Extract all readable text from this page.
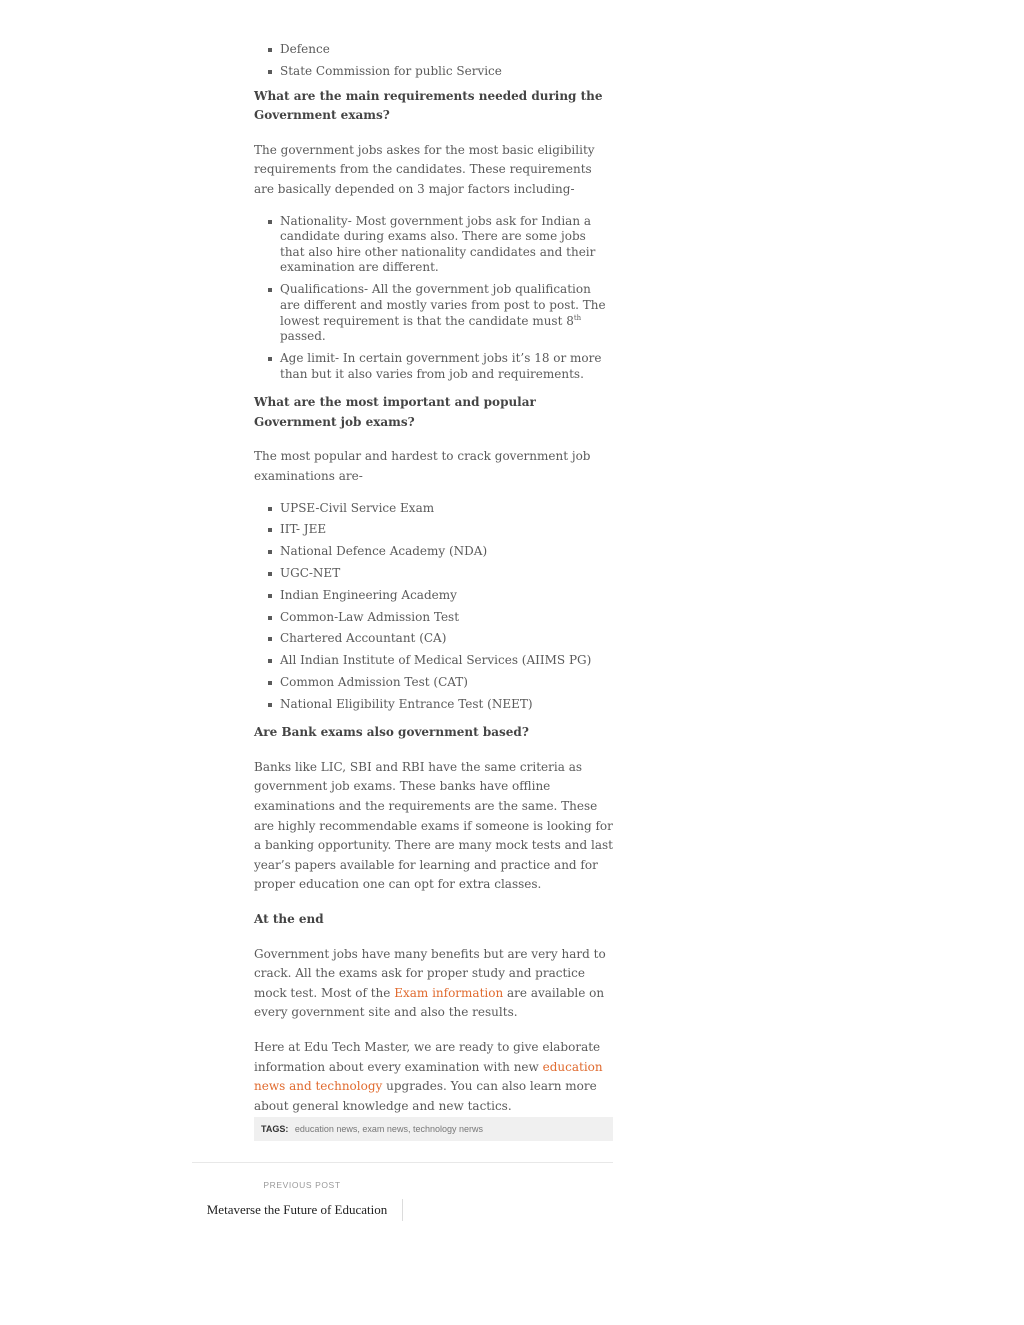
Defence
State Commission for public Service
What are the main requirements needed during the Government exams?

The government jobs askes for the most basic eligibility requirements from the candidates. These requirements are basically depended on 3 major factors including-

Nationality- Most government jobs ask for Indian a candidate during exams also. There are some jobs that also hire other nationality candidates and their examination are different.
Qualifications- All the government job qualification are different and mostly varies from post to post. The lowest requirement is that the candidate must 8th passed.
Age limit- In certain government jobs it’s 18 or more than but it also varies from job and requirements.
What are the most important and popular Government job exams?

The most popular and hardest to crack government job examinations are-

UPSE-Civil Service Exam
IIT- JEE
National Defence Academy (NDA)
UGC-NET
Indian Engineering Academy
Common-Law Admission Test
Chartered Accountant (CA)
All Indian Institute of Medical Services (AIIMS PG)
Common Admission Test (CAT)
National Eligibility Entrance Test (NEET)
Are Bank exams also government based?

Banks like LIC, SBI and RBI have the same criteria as government job exams. These banks have offline examinations and the requirements are the same. These are highly recommendable exams if someone is looking for a banking opportunity. There are many mock tests and last year’s papers available for learning and practice and for proper education one can opt for extra classes.

At the end

Government jobs have many benefits but are very hard to crack. All the exams ask for proper study and practice mock test. Most of the Exam information are available on every government site and also the results.

Here at Edu Tech Master, we are ready to give elaborate information about every examination with new education news and technology upgrades. You can also learn more about general knowledge and new tactics.

TAGS: education news, exam news, technology nerws
PREVIOUS POST
Metaverse the Future of Education
